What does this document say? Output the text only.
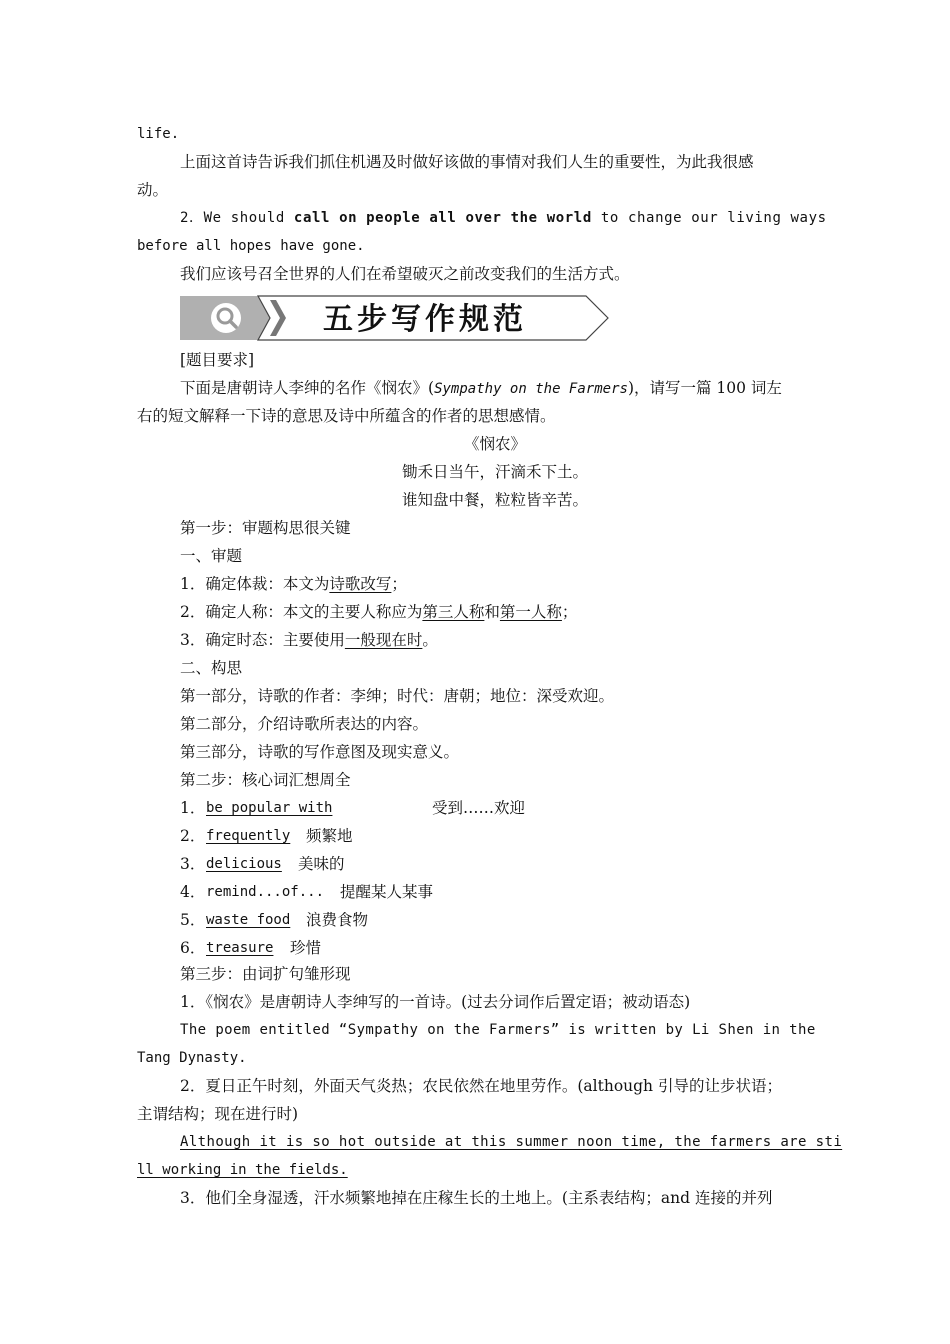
life.
上面这首诗告诉我们抓住机遇及时做好该做的事情对我们人生的重要性，为此我很感
动。
2．We should call on people all over the world to change our living ways
before all hopes have gone.
我们应该号召全世界的人们在希望破灭之前改变我们的生活方式。
五步写作规范
[题目要求]
下面是唐朝诗人李绅的名作《悯农》(Sympathy on the Farmers)，请写一篇 100 词左
右的短文解释一下诗的意思及诗中所蕴含的作者的思想感情。
《悯农》
锄禾日当午，汗滴禾下土。
谁知盘中餐，粒粒皆辛苦。
第一步：审题构思很关键
一、审题
1．确定体裁：本文为诗歌改写；
2．确定人称：本文的主要人称应为第三人称和第一人称；
3．确定时态：主要使用一般现在时。
二、构思
第一部分，诗歌的作者：李绅；时代：唐朝；地位：深受欢迎。
第二部分，介绍诗歌所表达的内容。
第三部分，诗歌的写作意图及现实意义。
第二步：核心词汇想周全
1． be popular with	受到……欢迎
2． frequently 频繁地
3． delicious 美味的
4． remind...of... 提醒某人某事
5． waste food 浪费食物
6． treasure 珍惜
第三步：由词扩句雏形现
1．《悯农》是唐朝诗人李绅写的一首诗。(过去分词作后置定语；被动语态)
The poem entitled “Sympathy on the Farmers” is written by Li Shen in the
Tang Dynasty.
2．夏日正午时刻，外面天气炎热；农民依然在地里劳作。(although 引导的让步状语；
主谓结构；现在进行时)
Although it is so hot outside at this summer noon time, the farmers are sti
ll working in the fields.
3．他们全身湿透，汗水频繁地掉在庄稼生长的土地上。(主系表结构；and 连接的并列
